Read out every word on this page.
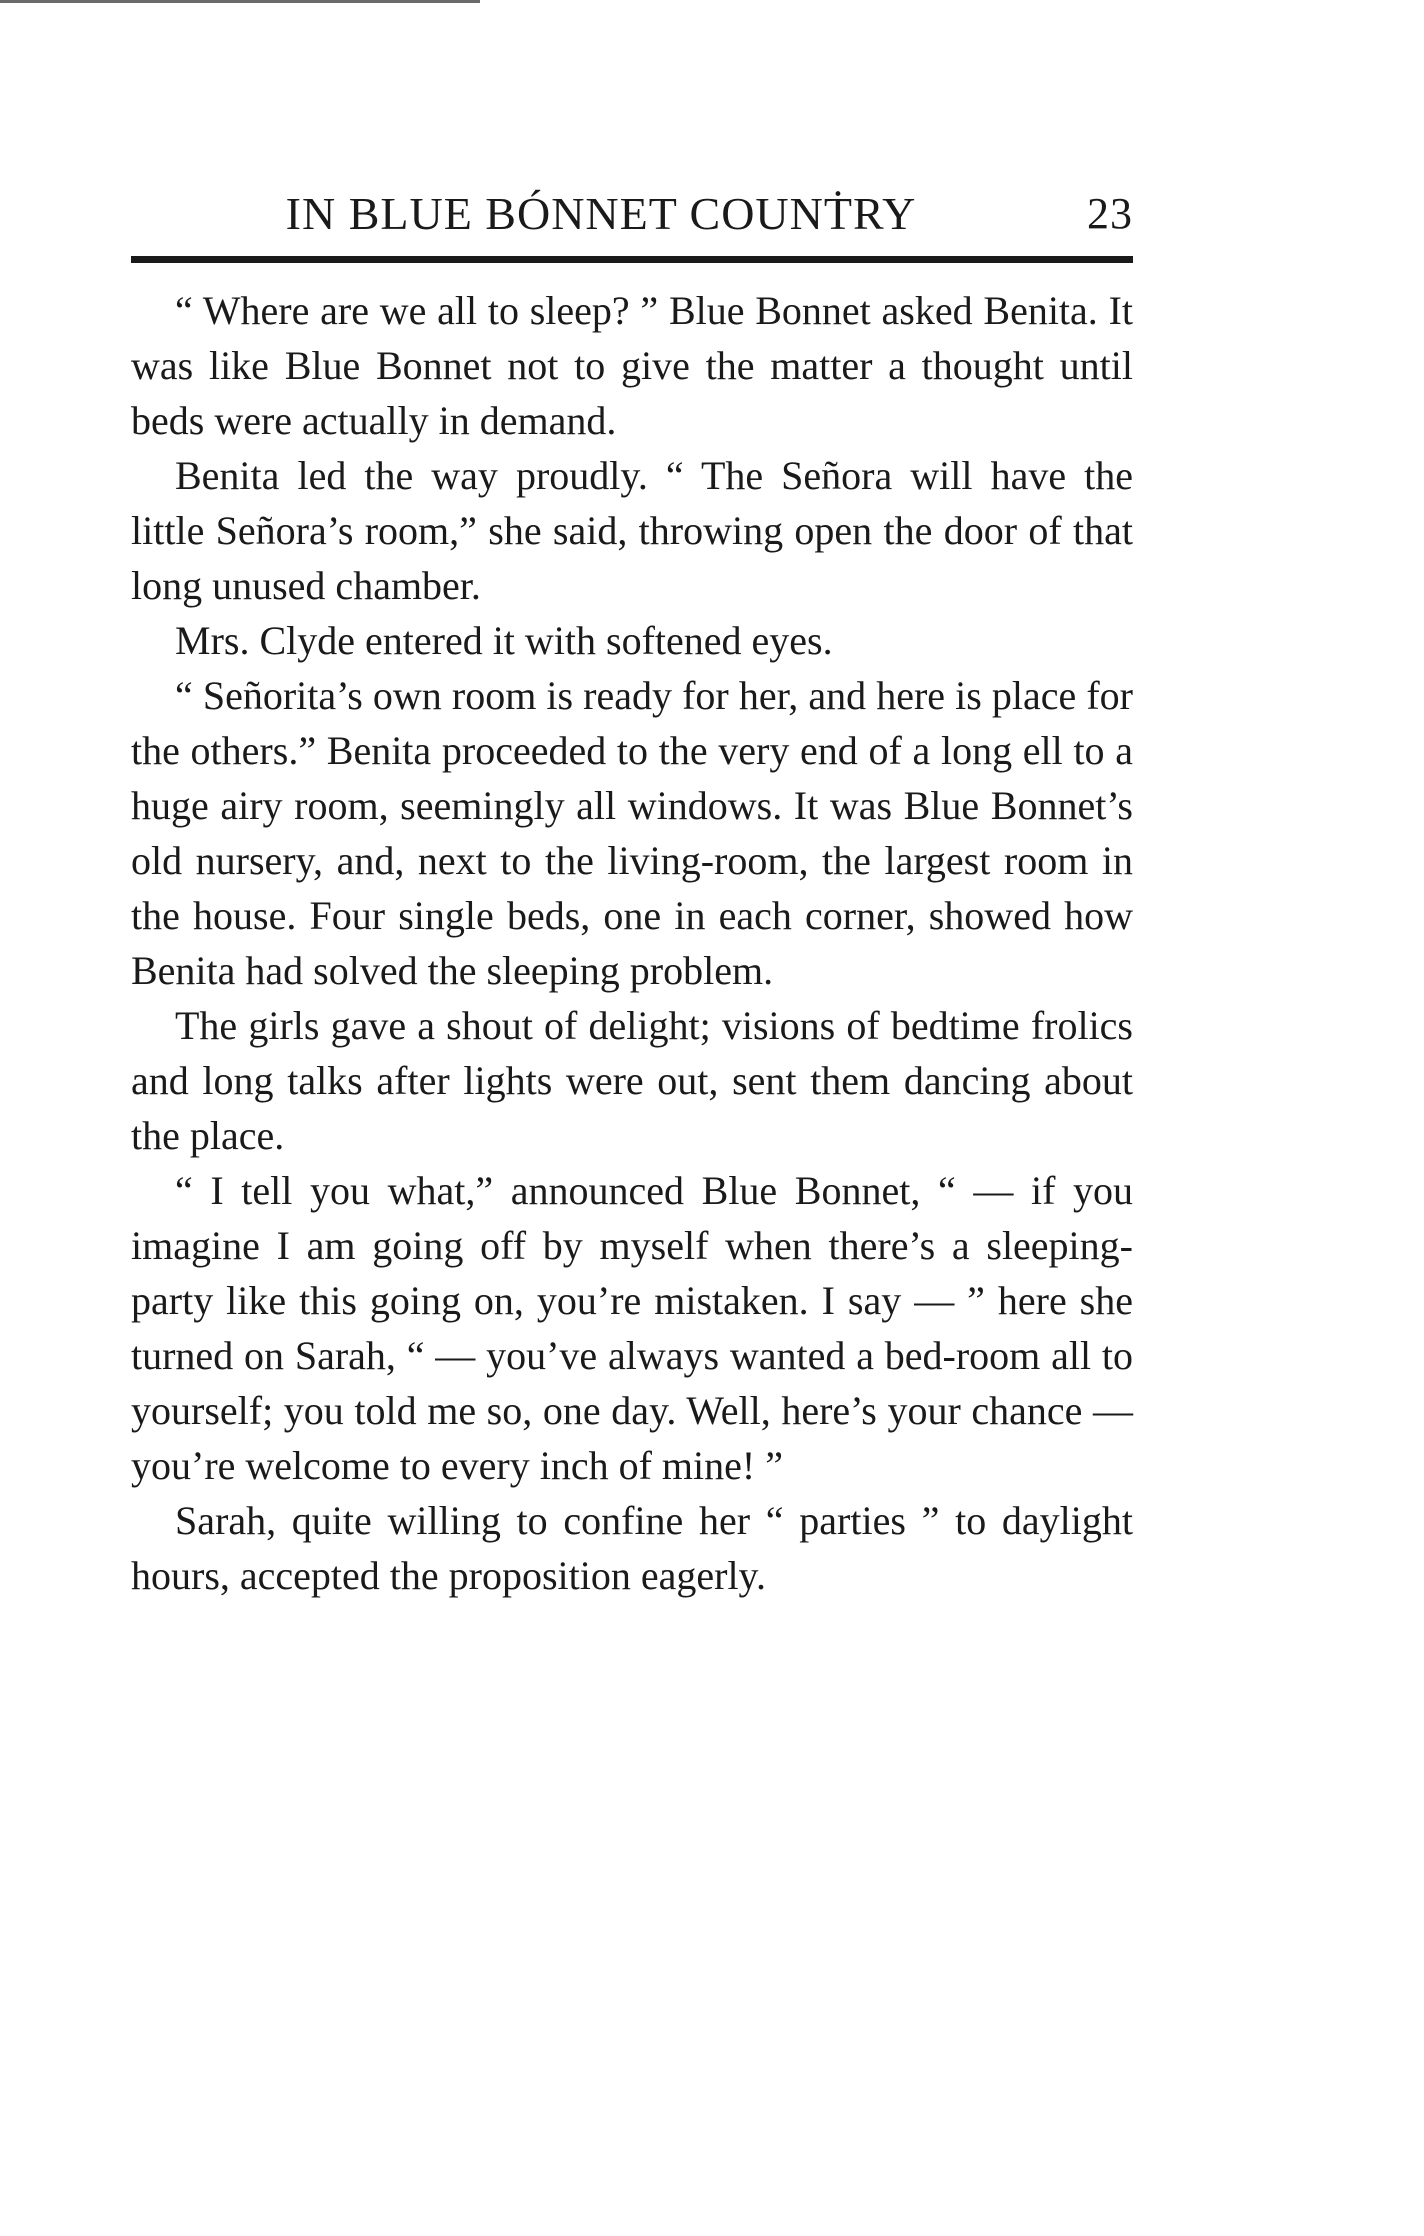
IN BLUE BÓNNET COUNṪRY	23

“ Where are we all to sleep? ” Blue Bonnet asked Benita. It was like Blue Bonnet not to give the matter a thought until beds were actually in demand.

Benita led the way proudly. “ The Señora will have the little Señora’s room,” she said, throwing open the door of that long unused chamber.

Mrs. Clyde entered it with softened eyes.

“ Señorita’s own room is ready for her, and here is place for the others.” Benita proceeded to the very end of a long ell to a huge airy room, seemingly all windows. It was Blue Bonnet’s old nursery, and, next to the living-room, the largest room in the house. Four single beds, one in each corner, showed how Benita had solved the sleeping problem.

The girls gave a shout of delight; visions of bedtime frolics and long talks after lights were out, sent them dancing about the place.

“ I tell you what,” announced Blue Bonnet, “ — if you imagine I am going off by myself when there’s a sleeping-party like this going on, you’re mistaken. I say — ” here she turned on Sarah, “ — you’ve always wanted a bed-room all to yourself; you told me so, one day. Well, here’s your chance — you’re welcome to every inch of mine! ”

Sarah, quite willing to confine her “ parties ” to daylight hours, accepted the proposition eagerly.
